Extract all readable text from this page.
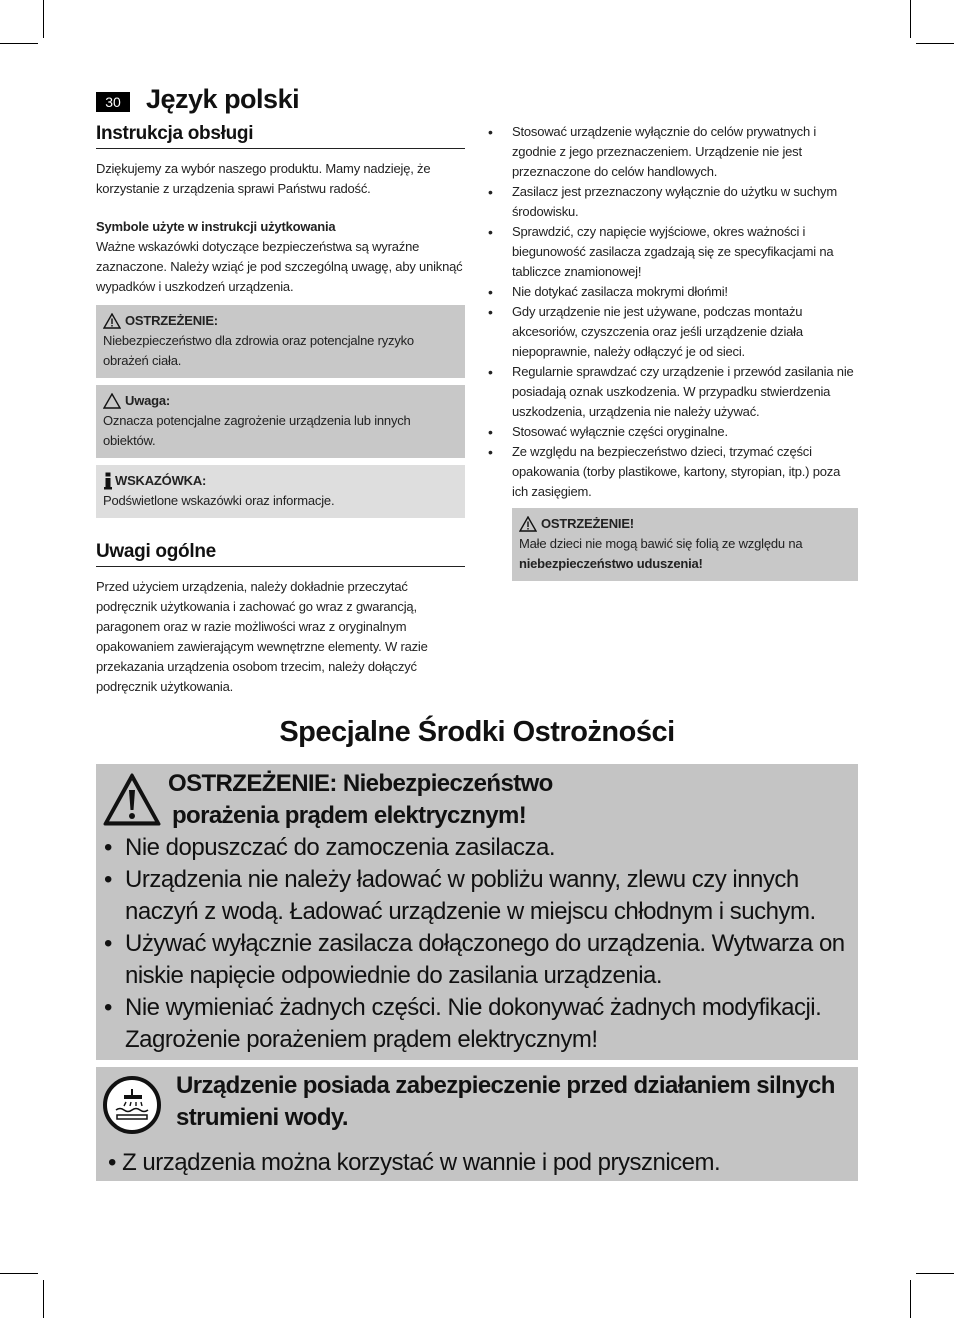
30 Język polski
Instrukcja obsługi

Dziękujemy za wybór naszego produktu. Mamy nadzieję, że korzystanie z urządzenia sprawi Państwu radość.

Symbole użyte w instrukcji użytkowania

Ważne wskazówki dotyczące bezpieczeństwa są wyraźne zaznaczone. Należy wziąć je pod szczególną uwagę, aby uniknąć wypadków i uszkodzeń urządzenia.

OSTRZEŻENIE:
Niebezpieczeństwo dla zdrowia oraz potencjalne ryzyko obrażeń ciała.
Uwaga:
Oznacza potencjalne zagrożenie urządzenia lub innych obiektów.
WSKAZÓWKA:
Podświetlone wskazówki oraz informacje.
Uwagi ogólne

Przed użyciem urządzenia, należy dokładnie przeczytać podręcznik użytkowania i zachować go wraz z gwarancją, paragonem oraz w razie możliwości wraz z oryginalnym opakowaniem zawierającym wewnętrzne elementy. W razie przekazania urządzenia osobom trzecim, należy dołączyć podręcznik użytkowania.

• Stosować urządzenie wyłącznie do celów prywatnych i zgodnie z jego przeznaczeniem. Urządzenie nie jest przeznaczone do celów handlowych.
• Zasilacz jest przeznaczony wyłącznie do użytku w suchym środowisku.
• Sprawdzić, czy napięcie wyjściowe, okres ważności i biegunowość zasilacza zgadzają się ze specyfikacjami na tabliczce znamionowej!
• Nie dotykać zasilacza mokrymi dłońmi!
• Gdy urządzenie nie jest używane, podczas montażu akcesoriów, czyszczenia oraz jeśli urządzenie działa niepoprawnie, należy odłączyć je od sieci.
• Regularnie sprawdzać czy urządzenie i przewód zasilania nie posiadają oznak uszkodzenia. W przypadku stwierdzenia uszkodzenia, urządzenia nie należy używać.
• Stosować wyłącznie części oryginalne.
• Ze względu na bezpieczeństwo dzieci, trzymać części opakowania (torby plastikowe, kartony, styropian, itp.) poza ich zasięgiem.
OSTRZEŻENIE!
Małe dzieci nie mogą bawić się folią ze względu na
niebezpieczeństwo uduszenia!
Specjalne Środki Ostrożności
OSTRZEŻENIE: Niebezpieczeństwo
porażenia prądem elektrycznym!
• Nie dopuszczać do zamoczenia zasilacza.
• Urządzenia nie należy ładować w pobliżu wanny, zlewu czy innych naczyń z wodą. Ładować urządzenie w miejscu chłodnym i suchym.
• Używać wyłącznie zasilacza dołączonego do urządzenia. Wytwarza on niskie napięcie odpowiednie do zasilania urządzenia.
• Nie wymieniać żadnych części. Nie dokonywać żadnych modyfikacji. Zagrożenie porażeniem prądem elektrycznym!
Urządzenie posiada zabezpieczenie przed działaniem silnych
strumieni wody.
• Z urządzenia można korzystać w wannie i pod prysznicem.
